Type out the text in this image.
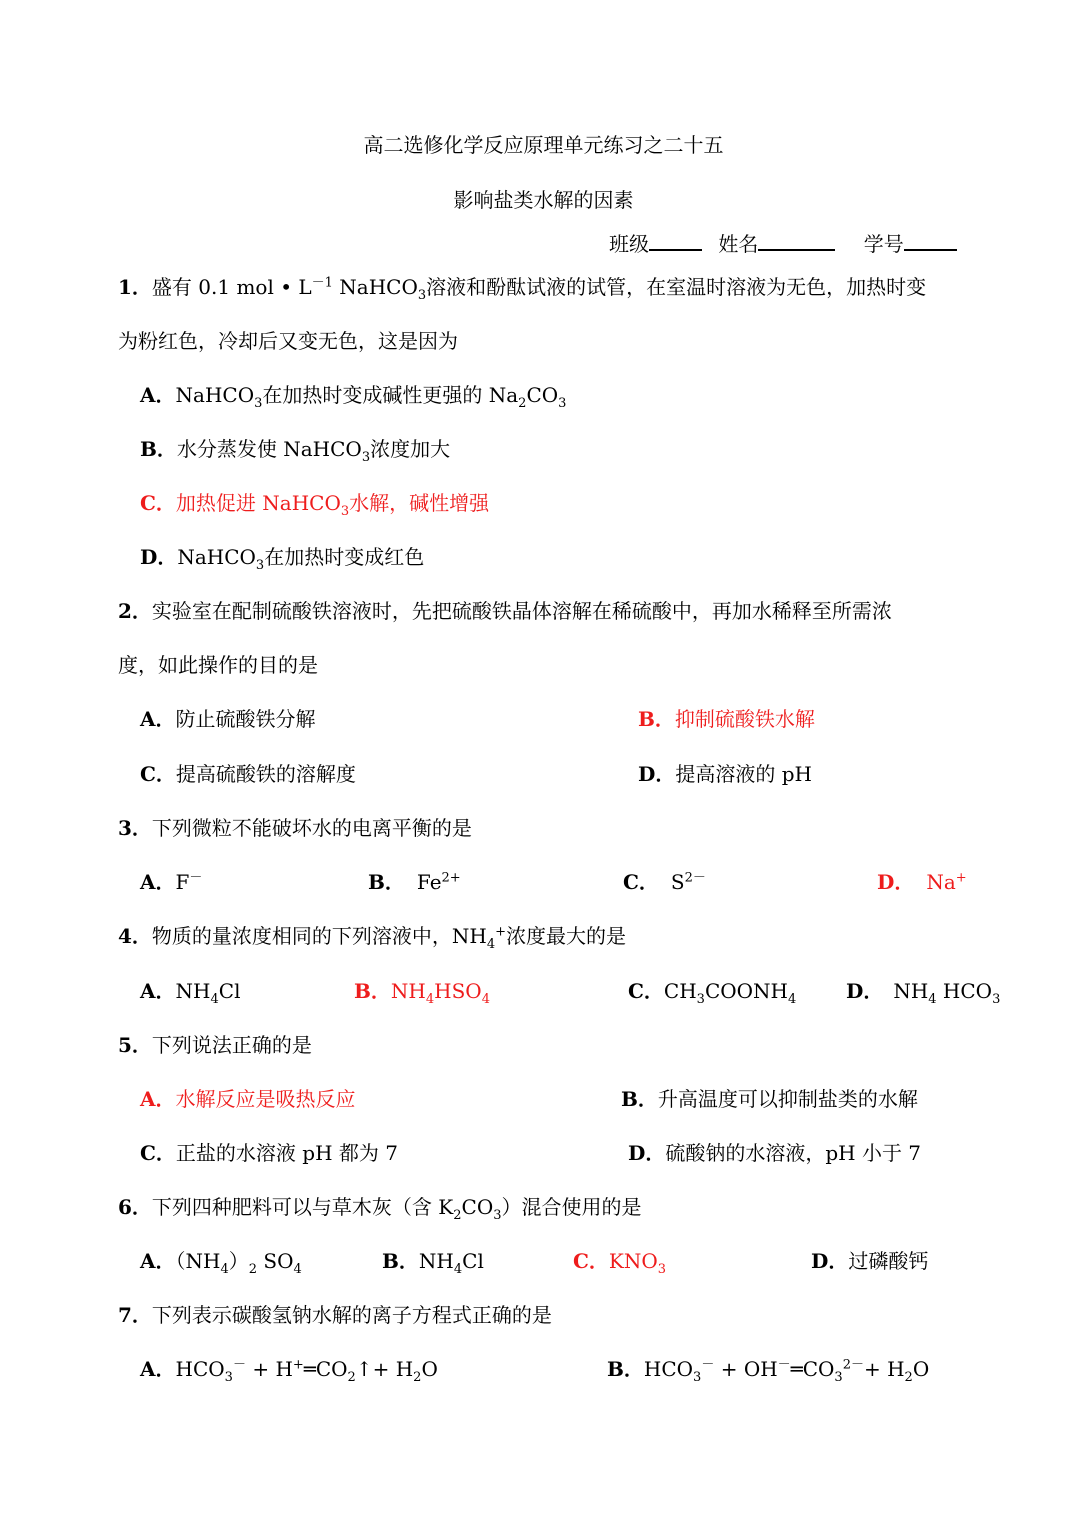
高二选修化学反应原理单元练习之二十五
影响盐类水解的因素
班级	姓名	学号
1．盛有 0.1 mol • $L^{-1}$ NaHCO$_3$溶液和酚酞试液的试管，在室温时溶液为无色，加热时变
为粉红色，冷却后又变无色，这是因为
A．NaHCO$_3$在加热时变成碱性更强的 $Na_2CO_3$
B．水分蒸发使 NaHCO$_3$浓度加大
C．加热促进 NaHCO$_3$水解，碱性增强
D．NaHCO$_3$在加热时变成红色
2．实验室在配制硫酸铁溶液时，先把硫酸铁晶体溶解在稀硫酸中，再加水稀释至所需浓
度，如此操作的目的是
A．防止硫酸铁分解	B．抑制硫酸铁水解
C．提高硫酸铁的溶解度	D．提高溶液的 pH
3．下列微粒不能破坏水的电离平衡的是
A．F－	B． $Fe^{2+}$	C． $S^{2-}$	D． Na+
4．物质的量浓度相同的下列溶液中，$NH_4^+$浓度最大的是
A．$NH_4Cl$	B．$NH_4HSO_4$	C．$CH_3COONH_4$ D． $NH_4$ $HCO_3$
5．下列说法正确的是
A．水解反应是吸热反应	B．升高温度可以抑制盐类的水解
C．正盐的水溶液 pH 都为 7	D．硫酸钠的水溶液，pH 小于 7
6．下列四种肥料可以与草木灰（含 $K_2CO_3$）混合使用的是
A．$(NH_4)_2$ $SO_4$	B．$NH_4Cl$	C．$KNO_3$	D．过磷酸钙
7．下列表示碳酸氢钠水解的离子方程式正确的是
A．$HCO_3^-$ + $H^+═CO_2↑+ H_2O$	B．$HCO_3^-$ + $OH^-═CO_3^{2-}+ H_2O$
